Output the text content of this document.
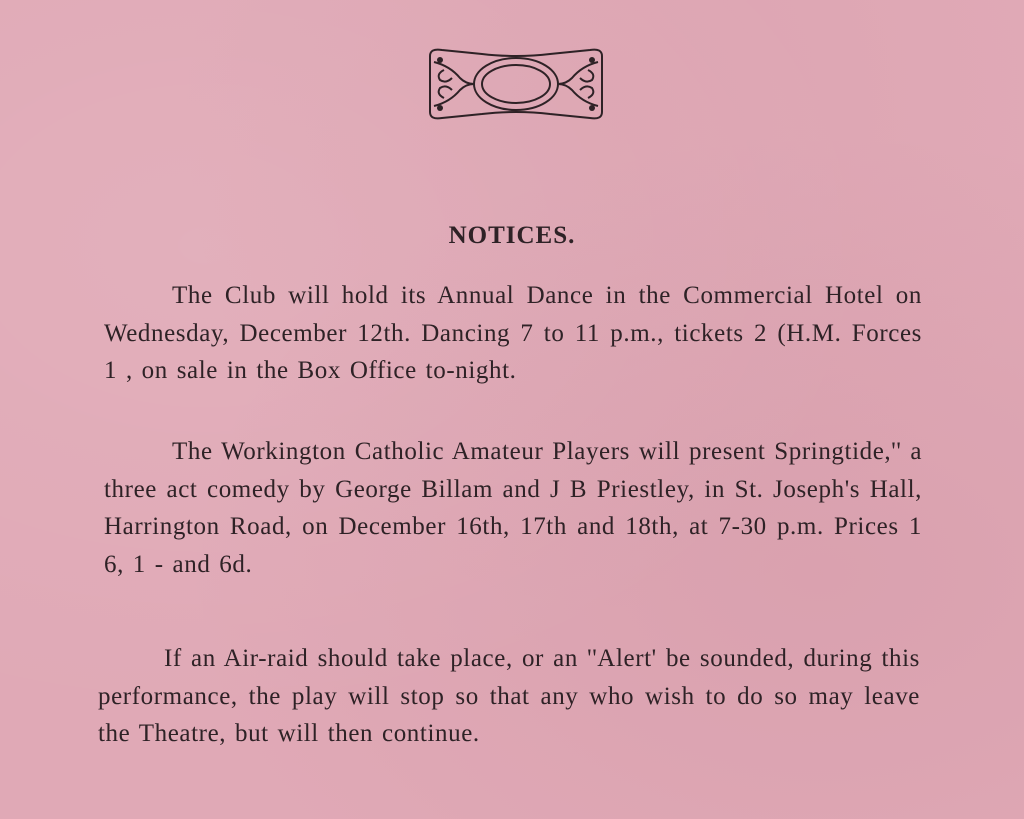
NOTICES.

The Club will hold its Annual Dance in the Commercial Hotel on Wednesday, December 12th. Dancing 7 to 11 p.m., tickets 2 (H.M. Forces 1 , on sale in the Box Office to-night.

The Workington Catholic Amateur Players will present Springtide,'' a three act comedy by George Billam and J B Priestley, in St. Joseph's Hall, Harrington Road, on December 16th, 17th and 18th, at 7-30 p.m. Prices 1 6, 1 - and 6d.

If an Air-raid should take place, or an ''Alert' be sounded, during this performance, the play will stop so that any who wish to do so may leave the Theatre, but will then continue.
